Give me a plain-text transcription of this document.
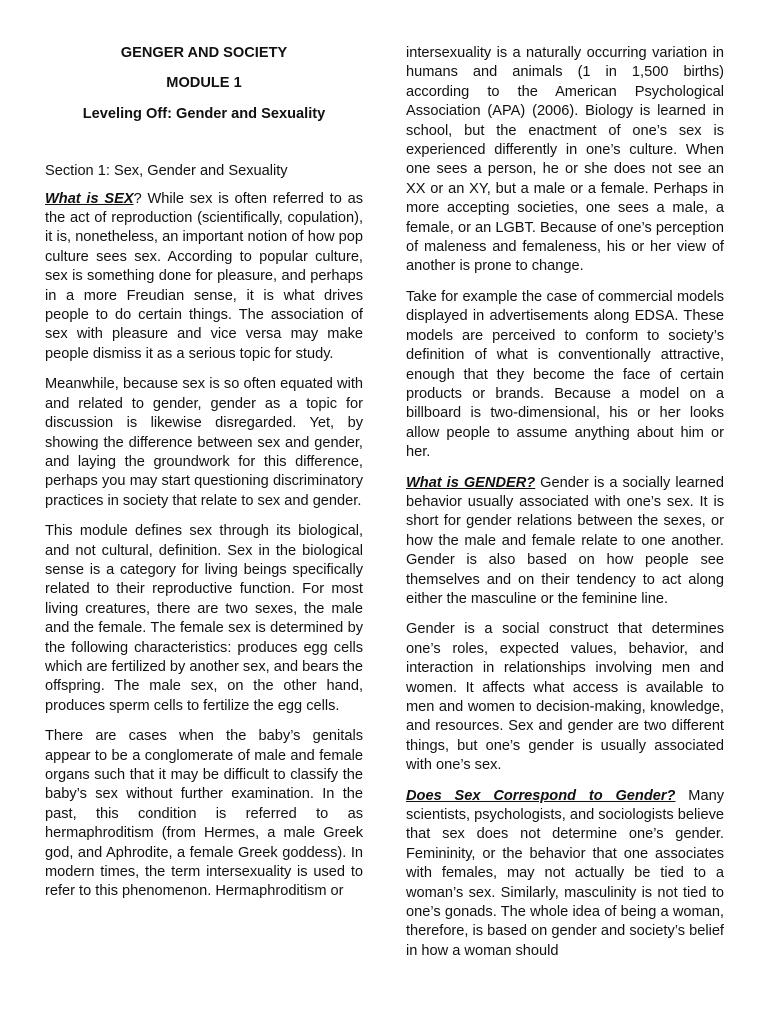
GENGER AND SOCIETY
MODULE 1
Leveling Off: Gender and Sexuality
Section 1: Sex, Gender and Sexuality

What is SEX? While sex is often referred to as the act of reproduction (scientifically, copulation), it is, nonetheless, an important notion of how pop culture sees sex. According to popular culture, sex is something done for pleasure, and perhaps in a more Freudian sense, it is what drives people to do certain things. The association of sex with pleasure and vice versa may make people dismiss it as a serious topic for study.

Meanwhile, because sex is so often equated with and related to gender, gender as a topic for discussion is likewise disregarded. Yet, by showing the difference between sex and gender, and laying the groundwork for this difference, perhaps you may start questioning discriminatory practices in society that relate to sex and gender.

This module defines sex through its biological, and not cultural, definition. Sex in the biological sense is a category for living beings specifically related to their reproductive function. For most living creatures, there are two sexes, the male and the female. The female sex is determined by the following characteristics: produces egg cells which are fertilized by another sex, and bears the offspring. The male sex, on the other hand, produces sperm cells to fertilize the egg cells.

There are cases when the baby’s genitals appear to be a conglomerate of male and female organs such that it may be difficult to classify the baby’s sex without further examination. In the past, this condition is referred to as hermaphroditism (from Hermes, a male Greek god, and Aphrodite, a female Greek goddess). In modern times, the term intersexuality is used to refer to this phenomenon. Hermaphroditism or

intersexuality is a naturally occurring variation in humans and animals (1 in 1,500 births) according to the American Psychological Association (APA) (2006). Biology is learned in school, but the enactment of one’s sex is experienced differently in one’s culture. When one sees a person, he or she does not see an XX or an XY, but a male or a female. Perhaps in more accepting societies, one sees a male, a female, or an LGBT. Because of one’s perception of maleness and femaleness, his or her view of another is prone to change.

Take for example the case of commercial models displayed in advertisements along EDSA. These models are perceived to conform to society’s definition of what is conventionally attractive, enough that they become the face of certain products or brands. Because a model on a billboard is two-dimensional, his or her looks allow people to assume anything about him or her.

What is GENDER? Gender is a socially learned behavior usually associated with one’s sex. It is short for gender relations between the sexes, or how the male and female relate to one another. Gender is also based on how people see themselves and on their tendency to act along either the masculine or the feminine line.

Gender is a social construct that determines one’s roles, expected values, behavior, and interaction in relationships involving men and women. It affects what access is available to men and women to decision-making, knowledge, and resources. Sex and gender are two different things, but one’s gender is usually associated with one’s sex.

Does Sex Correspond to Gender? Many scientists, psychologists, and sociologists believe that sex does not determine one’s gender. Femininity, or the behavior that one associates with females, may not actually be tied to a woman’s sex. Similarly, masculinity is not tied to one’s gonads. The whole idea of being a woman, therefore, is based on gender and society’s belief in how a woman should
